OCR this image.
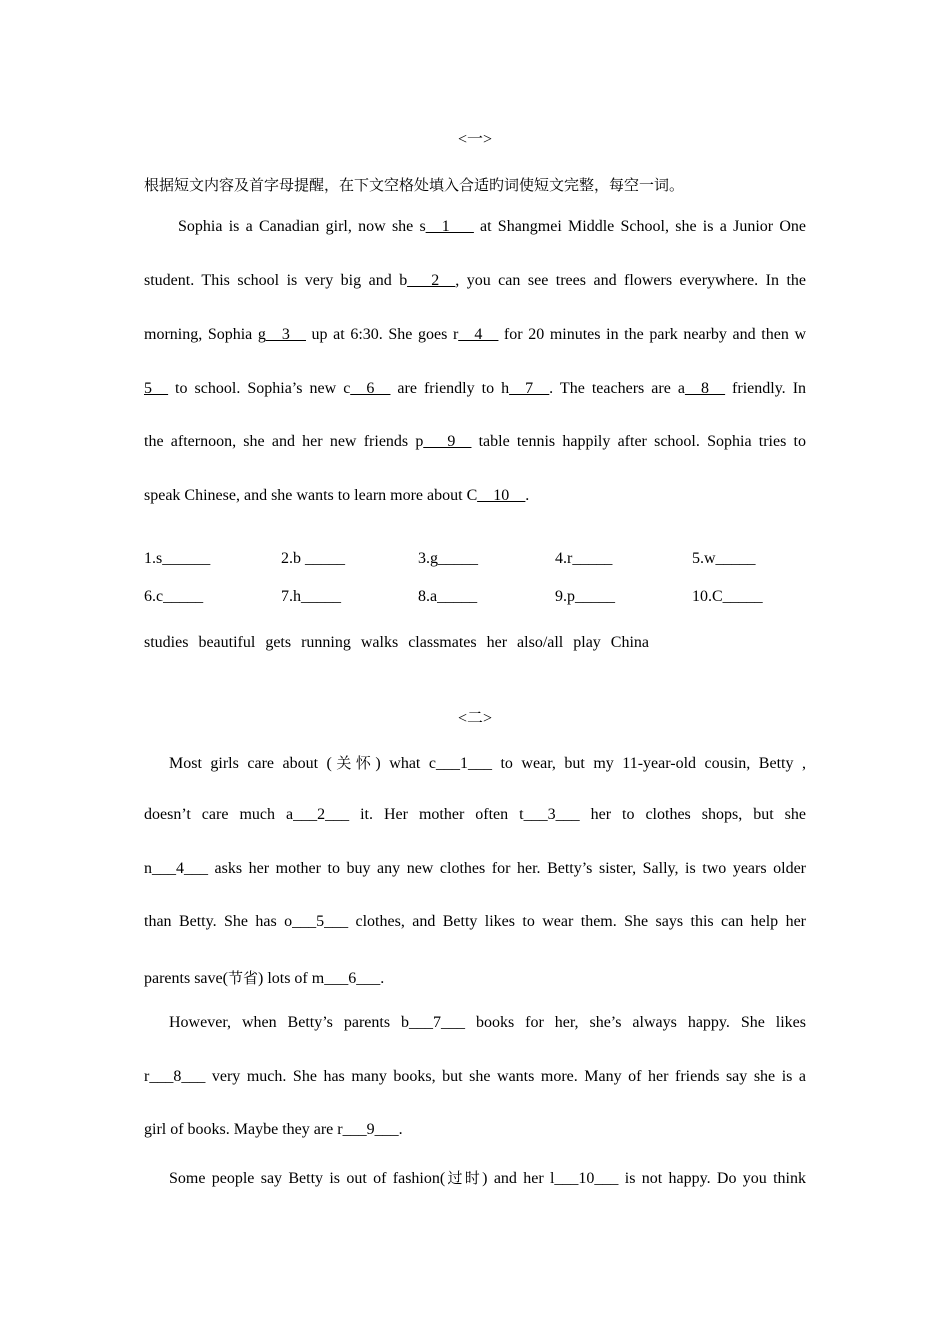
<一>
根据短文内容及首字母提醒，在下文空格处填入合适旳词使短文完整，每空一词。
Sophia is a Canadian girl, now she s__1___ at Shangmei Middle School, she is a Junior One
student. This school is very big and b___2__, you can see trees and flowers everywhere. In the
morning, Sophia g__3__ up at 6:30. She goes r__4__ for 20 minutes in the park nearby and then w
5__ to school. Sophia’s new c__6__ are friendly to h__7__. The teachers are a__8__ friendly. In
the afternoon, she and her new friends p___9__ table tennis happily after school. Sophia tries to
speak Chinese, and she wants to learn more about C__10__.
1.s______	2.b _____	3.g_____	4.r_____	5.w_____
6.c_____	7.h_____	8.a_____	9.p_____	10.C_____
studies beautiful gets running walks classmates her also/all play China
<二>
Most girls care about (关怀) what c___1___ to wear, but my 11-year-old cousin, Betty ,
doesn’t care much a___2___ it. Her mother often t___3___ her to clothes shops, but she
n___4___ asks her mother to buy any new clothes for her. Betty’s sister, Sally, is two years older
than Betty. She has o___5___ clothes, and Betty likes to wear them. She says this can help her
parents save(节省) lots of m___6___.
However, when Betty’s parents b___7___ books for her, she’s always happy. She likes
r___8___ very much. She has many books, but she wants more. Many of her friends say she is a
girl of books. Maybe they are r___9___.
Some people say Betty is out of fashion(过时) and her l___10___ is not happy. Do you think
